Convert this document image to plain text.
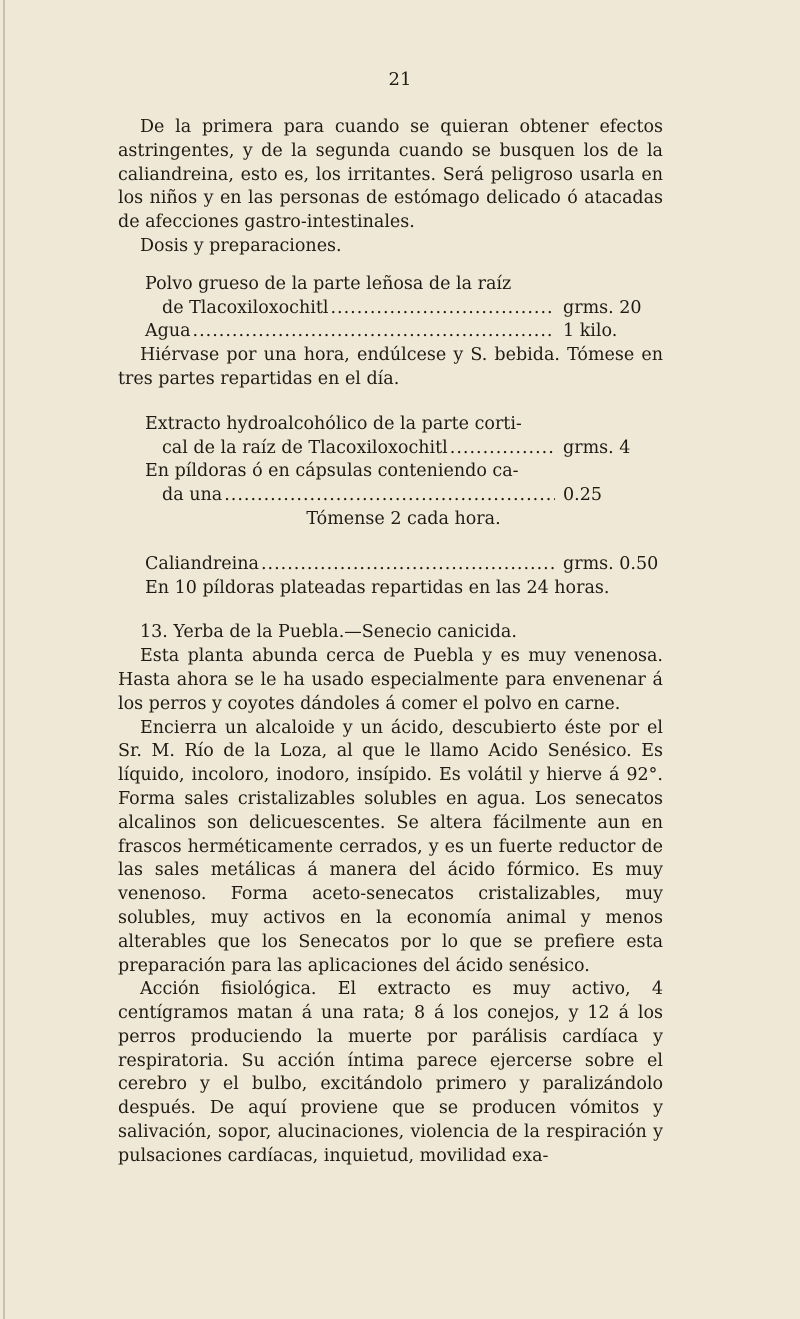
21

De la primera para cuando se quieran obtener efectos astringentes, y de la segunda cuando se busquen los de la caliandreina, esto es, los irritantes. Será peligroso usarla en los niños y en las personas de estómago delicado ó atacadas de afecciones gastro-intestinales.

Dosis y preparaciones.

Polvo grueso de la parte leñosa de la raíz
de Tlacoxiloxochitl .....	grms. 20
Agua .....	1 kilo.

Hiérvase por una hora, endúlcese y S. bebida. Tómese en tres partes repartidas en el día.

Extracto hydroalcohólico de la parte corti-
cal de la raíz de Tlacoxiloxochitl .....	grms. 4
En píldoras ó en cápsulas conteniendo ca-
da una .....	0.25
Tómense 2 cada hora.
Caliandreina .....	grms. 0.50
En 10 píldoras plateadas repartidas en las 24 horas.

13. Yerba de la Puebla.—Senecio canicida.

Esta planta abunda cerca de Puebla y es muy venenosa. Hasta ahora se le ha usado especialmente para envenenar á los perros y coyotes dándoles á comer el polvo en carne.

Encierra un alcaloide y un ácido, descubierto éste por el Sr. M. Río de la Loza, al que le llamo Acido Senésico. Es líquido, incoloro, inodoro, insípido. Es volátil y hierve á 92°. Forma sales cristalizables solubles en agua. Los senecatos alcalinos son delicuescentes. Se altera fácilmente aun en frascos herméticamente cerrados, y es un fuerte reductor de las sales metálicas á manera del ácido fórmico. Es muy venenoso. Forma aceto-senecatos cristalizables, muy solubles, muy activos en la economía animal y menos alterables que los Senecatos por lo que se prefiere esta preparación para las aplicaciones del ácido senésico.

Acción fisiológica. El extracto es muy activo, 4 centígramos matan á una rata; 8 á los conejos, y 12 á los perros produciendo la muerte por parálisis cardíaca y respiratoria. Su acción íntima parece ejercerse sobre el cerebro y el bulbo, excitándolo primero y paralizándolo después. De aquí proviene que se producen vómitos y salivación, sopor, alucinaciones, violencia de la respiración y pulsaciones cardíacas, inquietud, movilidad exa-
